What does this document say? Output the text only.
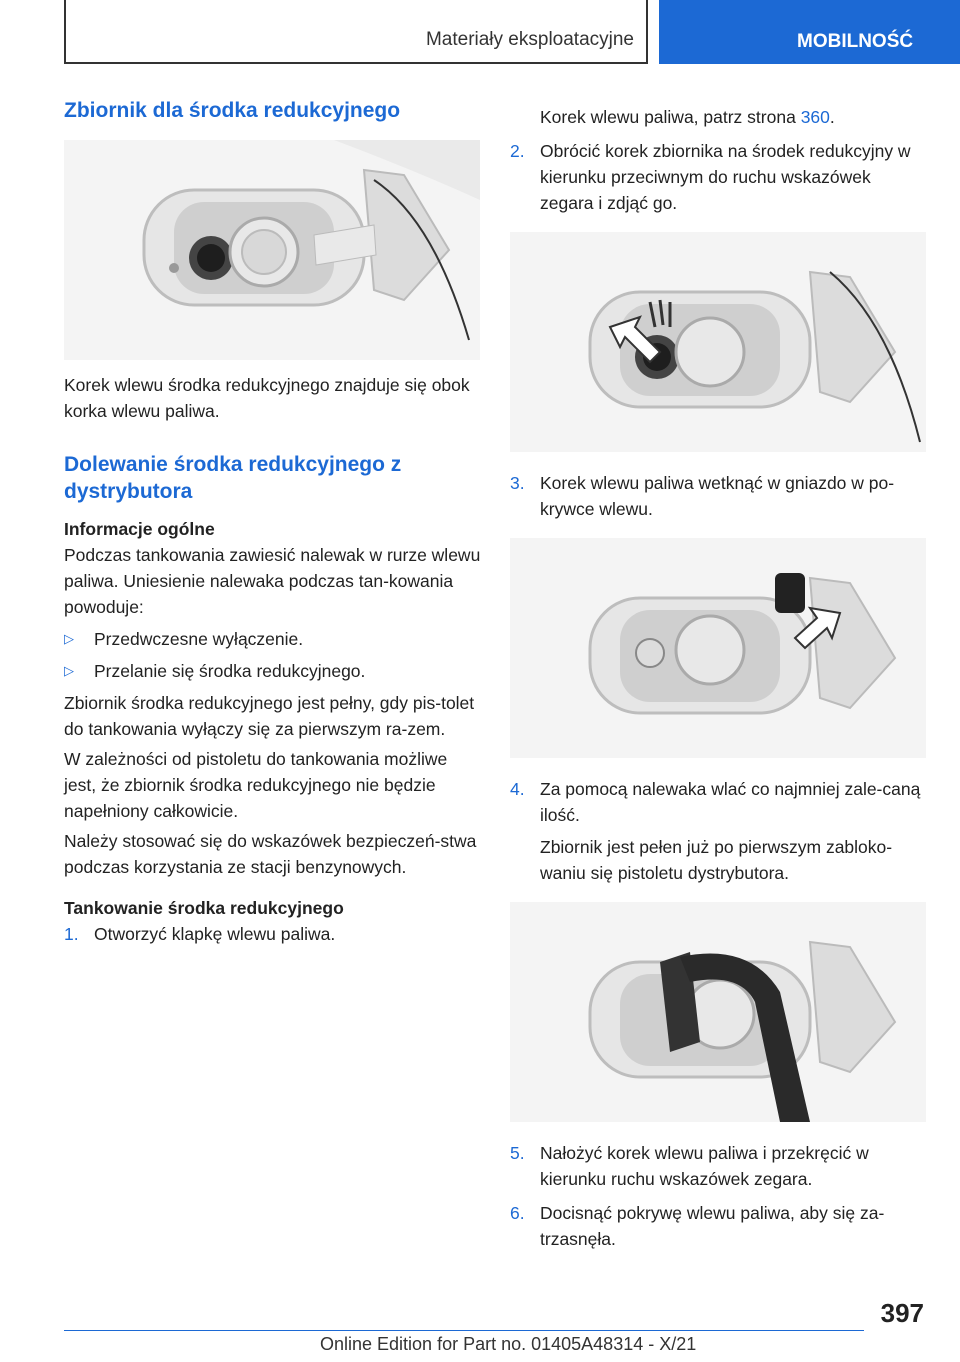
Materiały eksploatacyjne	MOBILNOŚĆ
Zbiornik dla środka redukcyjnego

Korek wlewu środka redukcyjnego znajduje się obok korka wlewu paliwa.

Dolewanie środka redukcyjnego z dystrybutora
Informacje ogólne

Podczas tankowania zawiesić nalewak w rurze wlewu paliwa. Uniesienie nalewaka podczas tan-kowania powoduje:

▷	Przedwczesne wyłączenie.
▷	Przelanie się środka redukcyjnego.

Zbiornik środka redukcyjnego jest pełny, gdy pis-tolet do tankowania wyłączy się za pierwszym ra-zem.

W zależności od pistoletu do tankowania możliwe jest, że zbiornik środka redukcyjnego nie będzie napełniony całkowicie.

Należy stosować się do wskazówek bezpieczeń-stwa podczas korzystania ze stacji benzynowych.

Tankowanie środka redukcyjnego
1. Otworzyć klapkę wlewu paliwa.

Korek wlewu paliwa, patrz strona 360.

2. Obrócić korek zbiornika na środek redukcyjny w kierunku przeciwnym do ruchu wskazówek zegara i zdjąć go.
3. Korek wlewu paliwa wetknąć w gniazdo w po-krywce wlewu.
4. Za pomocą nalewaka wlać co najmniej zale-caną ilość.

Zbiornik jest pełen już po pierwszym zabloko-waniu się pistoletu dystrybutora.

5. Nałożyć korek wlewu paliwa i przekręcić w kierunku ruchu wskazówek zegara.
6. Docisnąć pokrywę wlewu paliwa, aby się za-trzasnęła.
397
Online Edition for Part no. 01405A48314 - X/21
